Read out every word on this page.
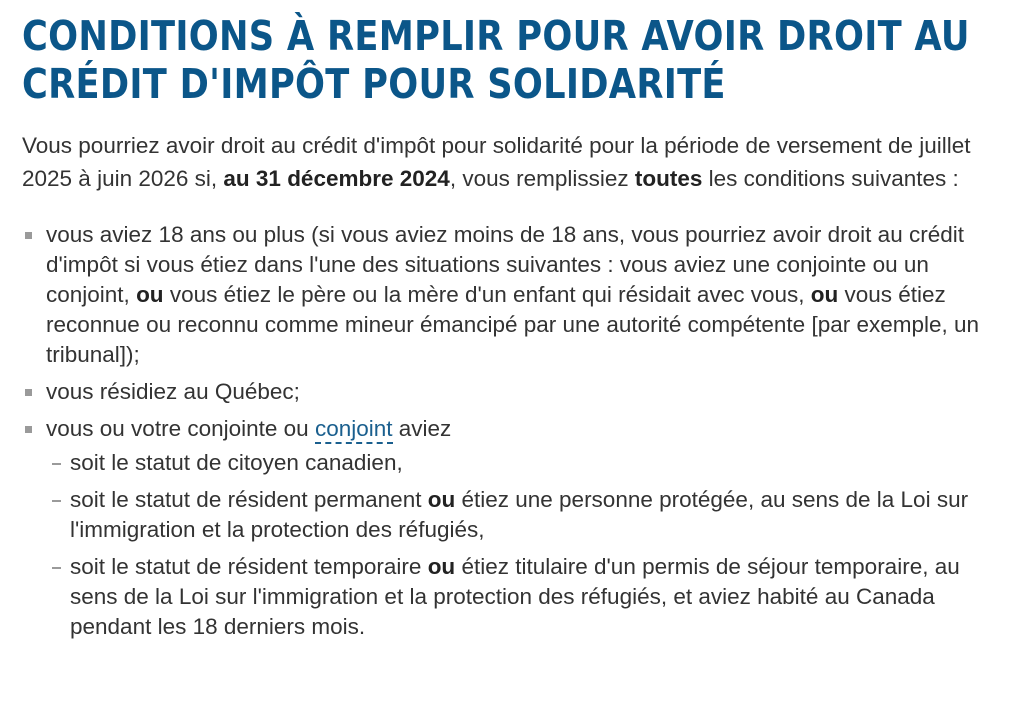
CONDITIONS À REMPLIR POUR AVOIR DROIT AU
CRÉDIT D'IMPÔT POUR SOLIDARITÉ

Vous pourriez avoir droit au crédit d'impôt pour solidarité pour la période de versement de juillet 2025 à juin 2026 si, au 31 décembre 2024, vous remplissiez toutes les conditions suivantes :

vous aviez 18 ans ou plus (si vous aviez moins de 18 ans, vous pourriez avoir droit au crédit d'impôt si vous étiez dans l'une des situations suivantes : vous aviez une conjointe ou un conjoint, ou vous étiez le père ou la mère d'un enfant qui résidait avec vous, ou vous étiez reconnue ou reconnu comme mineur émancipé par une autorité compétente [par exemple, un tribunal]);
vous résidiez au Québec;
vous ou votre conjointe ou conjoint aviez
soit le statut de citoyen canadien,
soit le statut de résident permanent ou étiez une personne protégée, au sens de la Loi sur l'immigration et la protection des réfugiés,
soit le statut de résident temporaire ou étiez titulaire d'un permis de séjour temporaire, au sens de la Loi sur l'immigration et la protection des réfugiés, et aviez habité au Canada pendant les 18 derniers mois.
